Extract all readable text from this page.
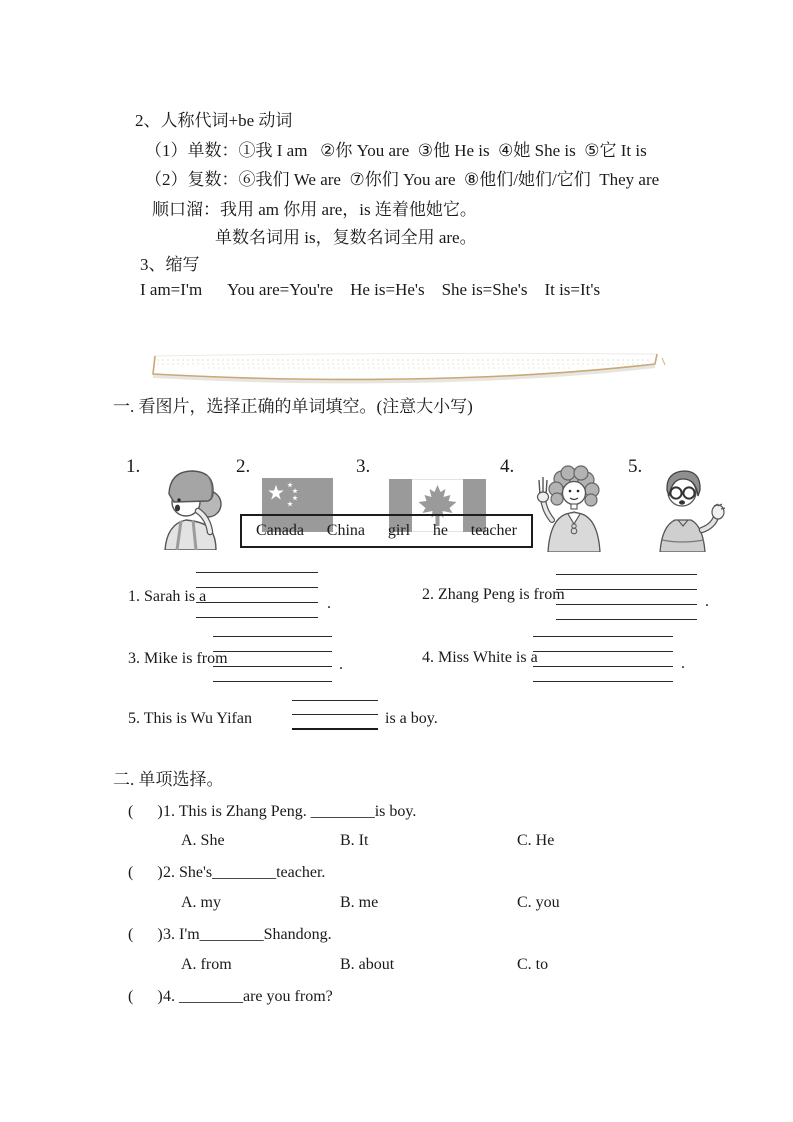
2、人称代词+be 动词
（1）单数：①我 I am   ②你 You are  ③他 He is  ④她 She is  ⑤它 It is
（2）复数：⑥我们 We are  ⑦你们 You are  ⑧他们/她们/它们  They are
顺口溜：我用 am 你用 are，is 连着他她它。
单数名词用 is，复数名词全用 are。
3、缩写
I am=I'm      You are=You're    He is=He's    She is=She's    It is=It's

一. 看图片，选择正确的单词填空。(注意大小写)
1.	2.	3.	4.	5.

Canada China girl he teacher
1. Sarah is a	.
2. Zhang Peng is from	.
3. Mike is from	.	4. Miss White is a	.
5. This is Wu Yifan	is a boy.
二. 单项选择。
(      ) 1. This is Zhang Peng. ________is boy.
A. She	B. It	C. He
(      ) 2. She's________teacher.
A. my	B. me	C. you
(      ) 3. I'm________Shandong.
A. from	B. about	C. to
(      ) 4. ________are you from?
